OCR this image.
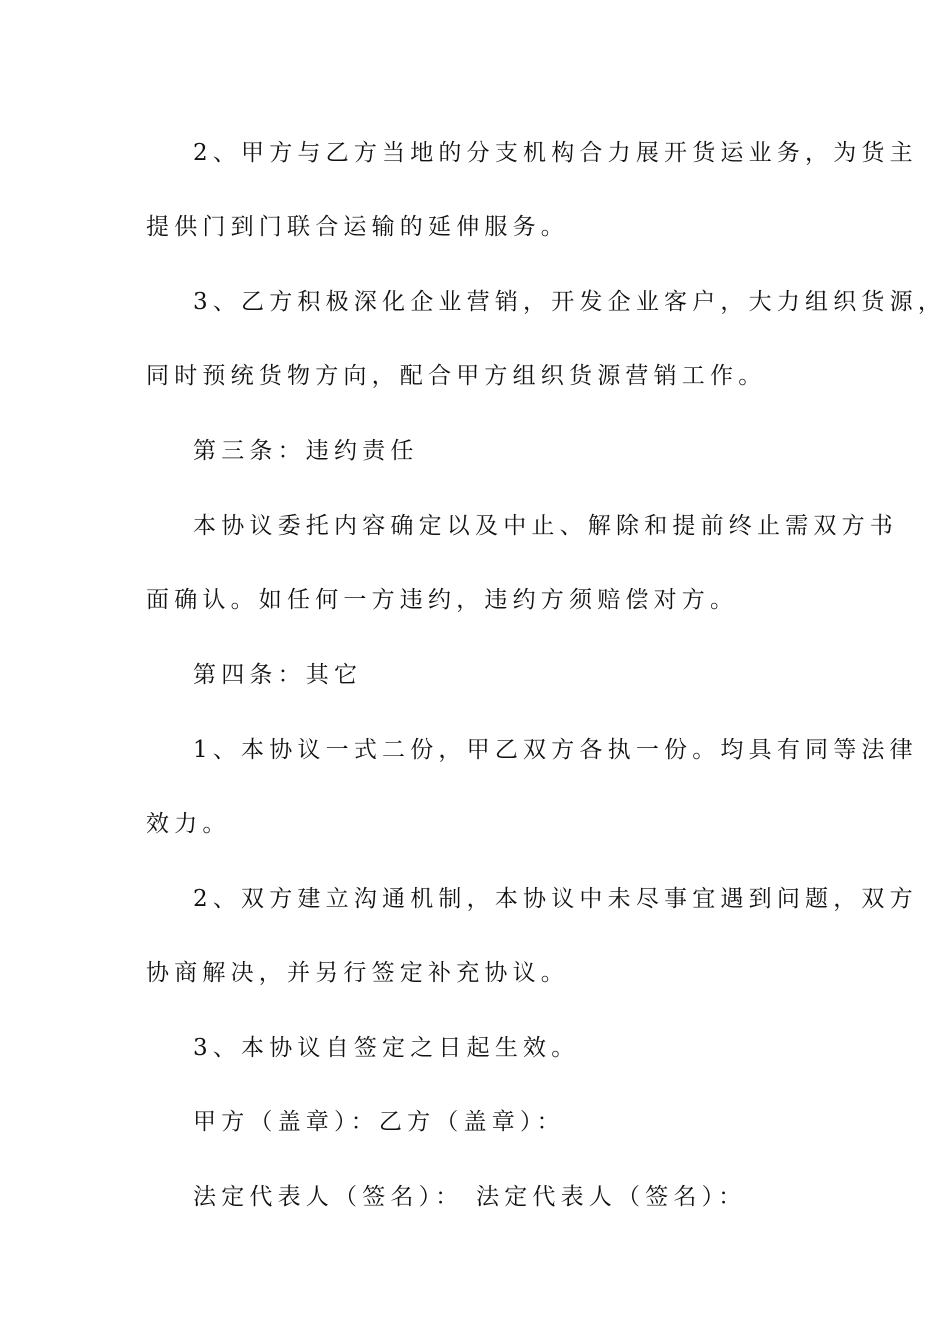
2、甲方与乙方当地的分支机构合力展开货运业务，为货主
提供门到门联合运输的延伸服务。
3、乙方积极深化企业营销，开发企业客户，大力组织货源，
同时预统货物方向，配合甲方组织货源营销工作。
第三条：违约责任
本协议委托内容确定以及中止、解除和提前终止需双方书
面确认。如任何一方违约，违约方须赔偿对方。
第四条：其它
1、本协议一式二份，甲乙双方各执一份。均具有同等法律
效力。
2、双方建立沟通机制，本协议中未尽事宜遇到问题，双方
协商解决，并另行签定补充协议。
3、本协议自签定之日起生效。
甲方（盖章）：乙方（盖章）：
法定代表人（签名）： 法定代表人（签名）：
